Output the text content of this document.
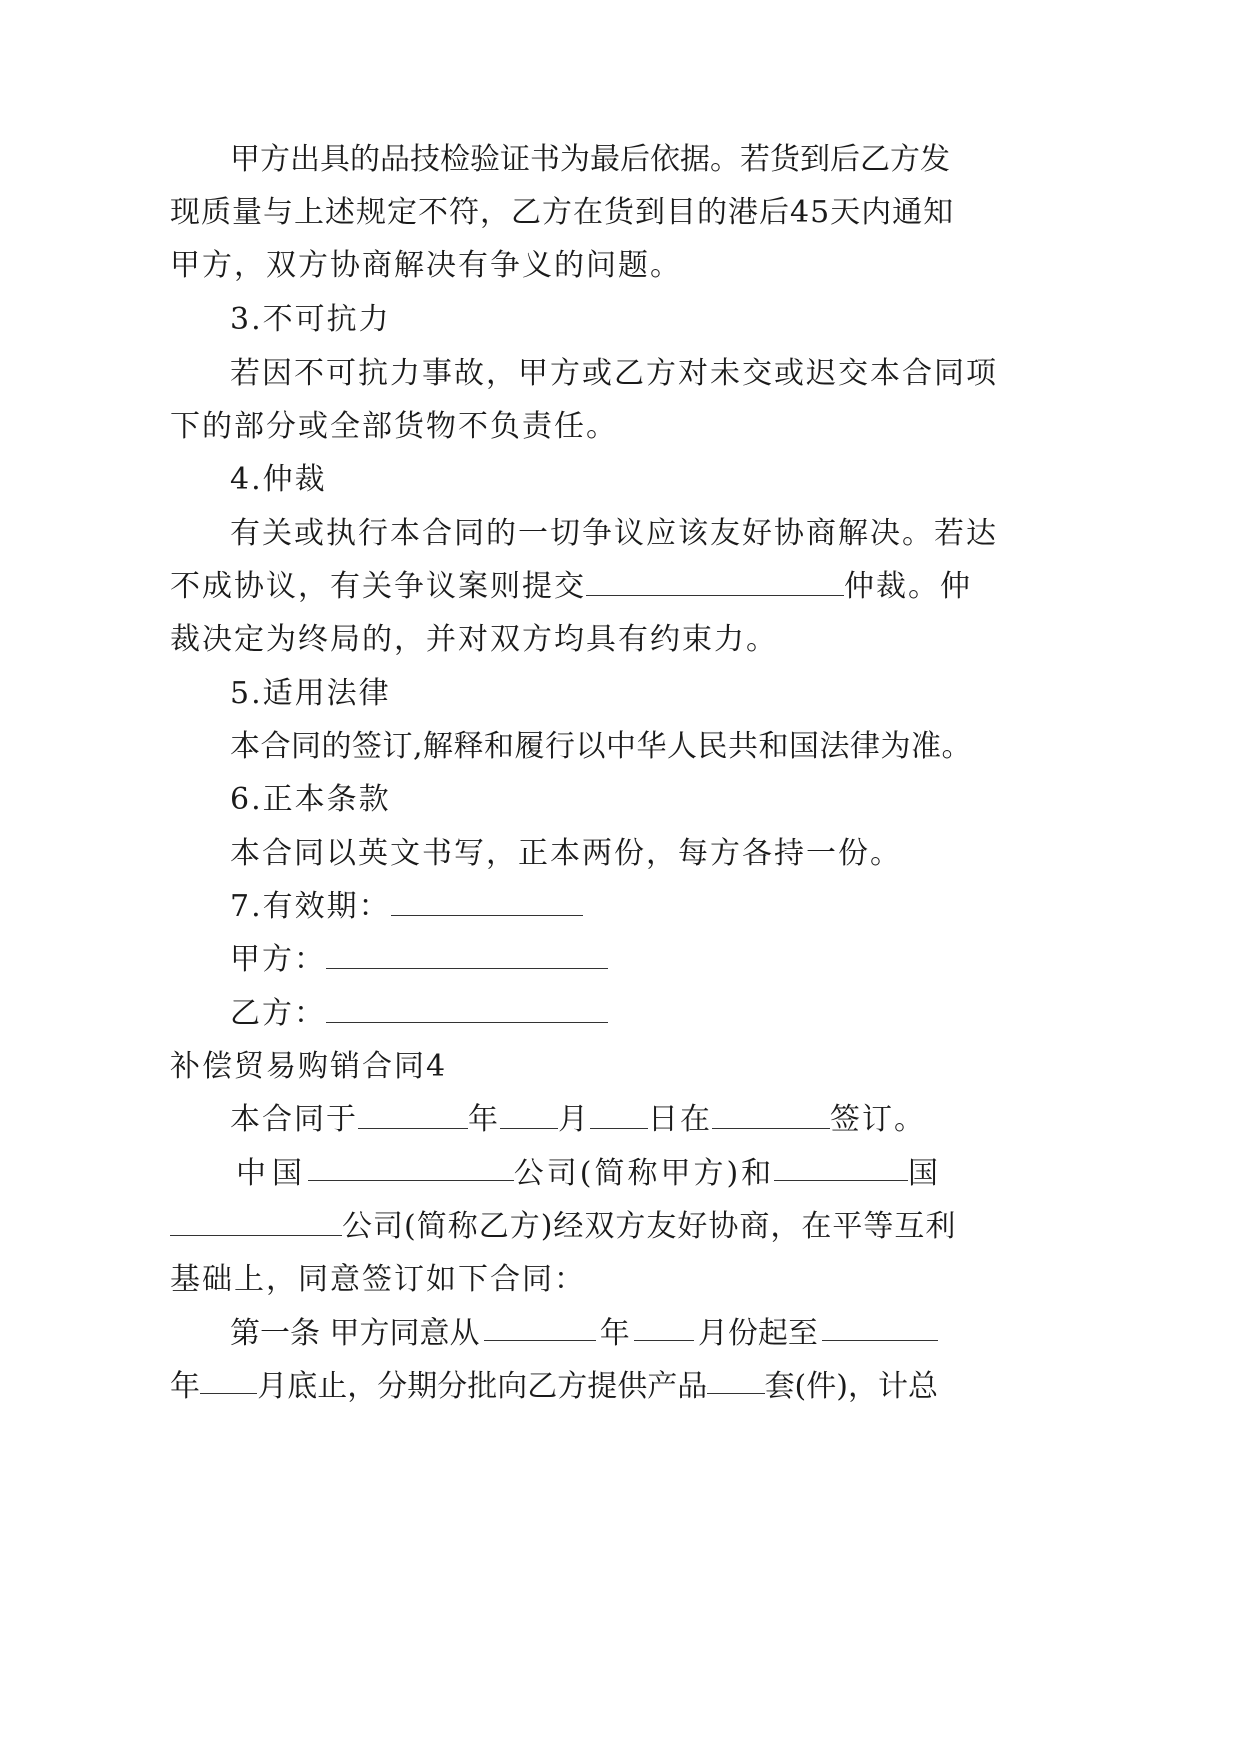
甲方出具的品技检验证书为最后依据。若货到后乙方发
现质量与上述规定不符，乙方在货到目的港后45天内通知
甲方，双方协商解决有争义的问题。
3.不可抗力
若因不可抗力事故，甲方或乙方对未交或迟交本合同项
下的部分或全部货物不负责任。
4.仲裁
有关或执行本合同的一切争议应该友好协商解决。若达
不成协议，有关争议案则提交	仲裁。仲
裁决定为终局的，并对双方均具有约束力。
5.适用法律
本合同的签订,解释和履行以中华人民共和国法律为准。
6.正本条款
本合同以英文书写，正本两份，每方各持一份。
7.有效期：
甲方：
乙方：
补偿贸易购销合同4
本合同于	年 月 日在	签订。
中国	公司(简称甲方)和	国
公司(简称乙方)经双方友好协商，在平等互利
基础上，同意签订如下合同：
第一条 甲方同意从	年 月份起至
年 月底止，分期分批向乙方提供产品 套(件)，计总
